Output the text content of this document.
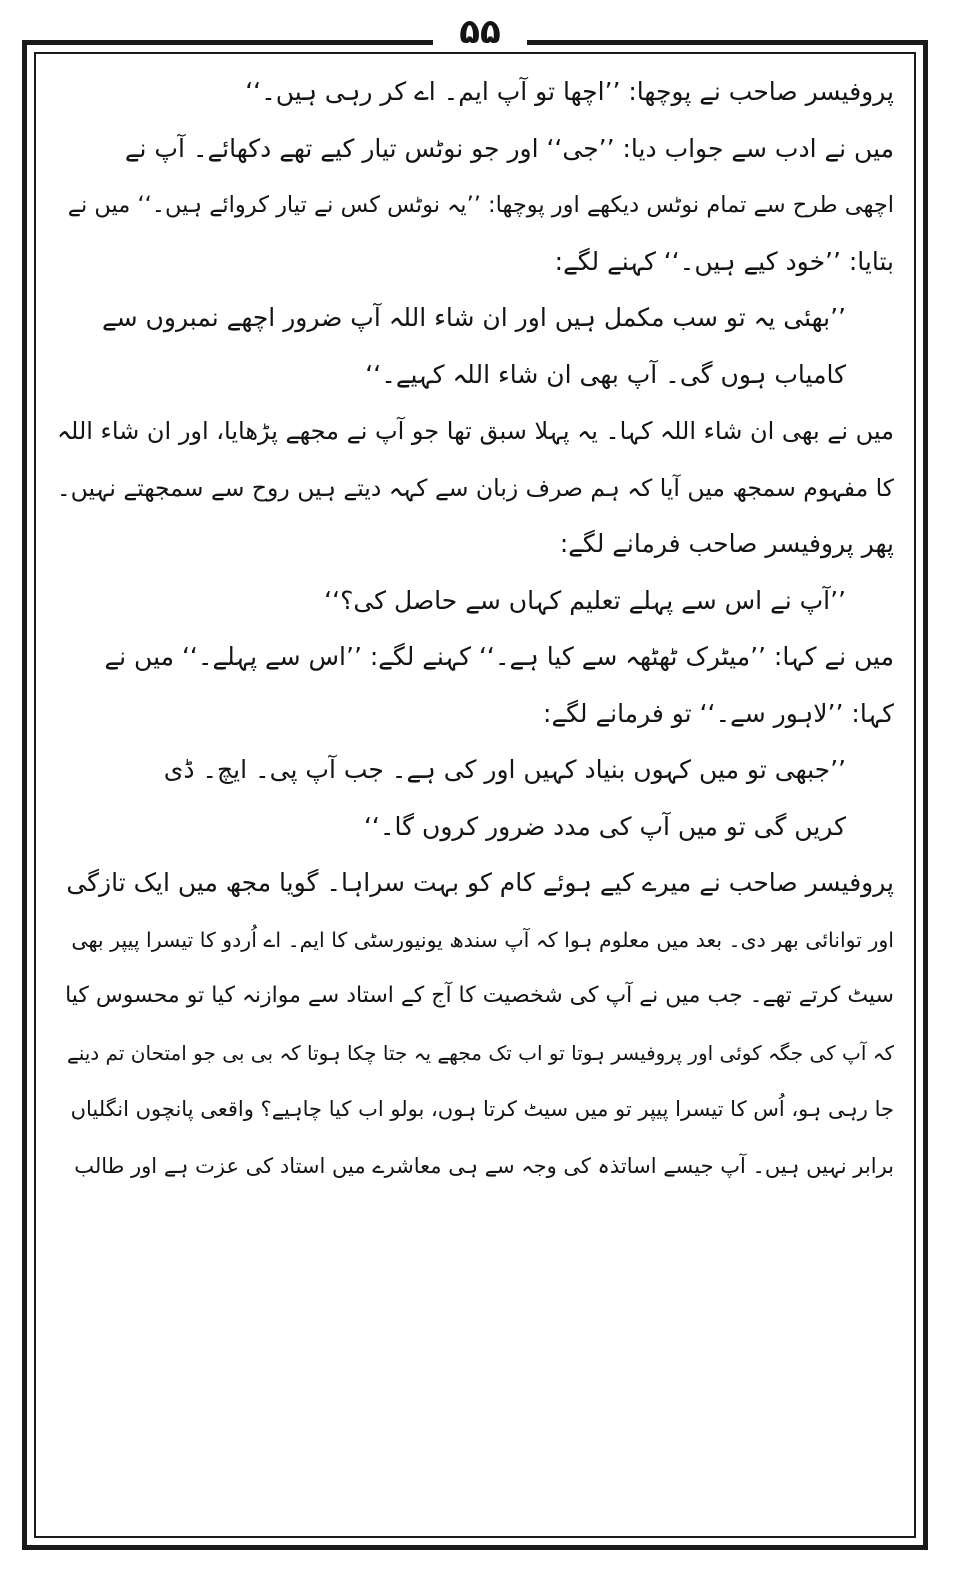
۵۵
پروفیسر صاحب نے پوچھا: ’’اچھا تو آپ ایم۔ اے کر رہی ہیں۔‘‘
میں نے ادب سے جواب دیا: ’’جی‘‘ اور جو نوٹس تیار کیے تھے دکھائے۔ آپ نے
اچھی طرح سے تمام نوٹس دیکھے اور پوچھا: ’’یہ نوٹس کس نے تیار کروائے ہیں۔‘‘ میں نے
بتایا: ’’خود کیے ہیں۔‘‘ کہنے لگے:
’’بھئی یہ تو سب مکمل ہیں اور ان شاء اللہ آپ ضرور اچھے نمبروں سے
کامیاب ہوں گی۔ آپ بھی ان شاء اللہ کہیے۔‘‘
میں نے بھی ان شاء اللہ کہا۔ یہ پہلا سبق تھا جو آپ نے مجھے پڑھایا، اور ان شاء اللہ
کا مفہوم سمجھ میں آیا کہ ہم صرف زبان سے کہہ دیتے ہیں روح سے سمجھتے نہیں۔
پھر پروفیسر صاحب فرمانے لگے:
’’آپ نے اس سے پہلے تعلیم کہاں سے حاصل کی؟‘‘
میں نے کہا: ’’میٹرک ٹھٹھہ سے کیا ہے۔‘‘ کہنے لگے: ’’اس سے پہلے۔‘‘ میں نے
کہا: ’’لاہور سے۔‘‘ تو فرمانے لگے:
’’جبھی تو میں کہوں بنیاد کہیں اور کی ہے۔ جب آپ پی۔ ایچ۔ ڈی
کریں گی تو میں آپ کی مدد ضرور کروں گا۔‘‘
پروفیسر صاحب نے میرے کیے ہوئے کام کو بہت سراہا۔ گویا مجھ میں ایک تازگی
اور توانائی بھر دی۔ بعد میں معلوم ہوا کہ آپ سندھ یونیورسٹی کا ایم۔ اے اُردو کا تیسرا پیپر بھی
سیٹ کرتے تھے۔ جب میں نے آپ کی شخصیت کا آج کے استاد سے موازنہ کیا تو محسوس کیا
کہ آپ کی جگہ کوئی اور پروفیسر ہوتا تو اب تک مجھے یہ جتا چکا ہوتا کہ بی بی جو امتحان تم دینے
جا رہی ہو، اُس کا تیسرا پیپر تو میں سیٹ کرتا ہوں، بولو اب کیا چاہیے؟ واقعی پانچوں انگلیاں
برابر نہیں ہیں۔ آپ جیسے اساتذہ کی وجہ سے ہی معاشرے میں استاد کی عزت ہے اور طالب
